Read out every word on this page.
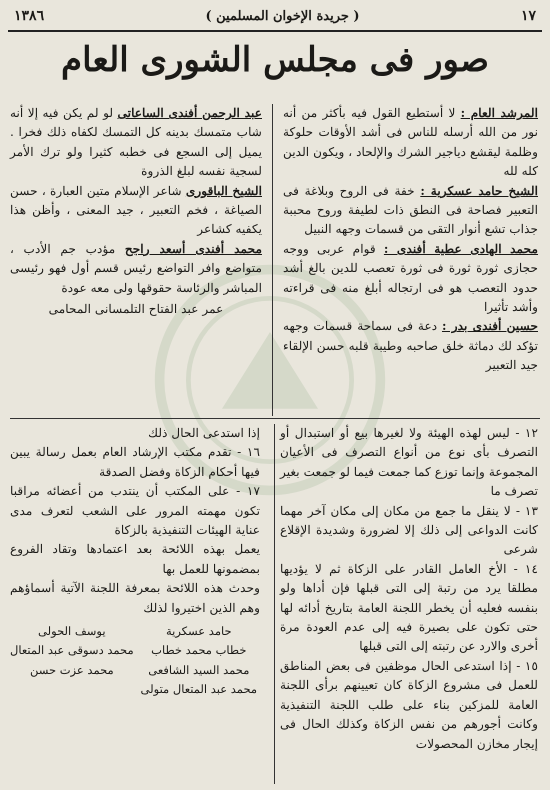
١٧
( جريدة الإخوان المسلمين )
١٣٨٦
صور فى مجلس الشورى العام

المرشد العام : لا أستطيع القول فيه بأكثر من أنه نور من الله أرسله للناس فى أشد الأوقات حلوكة وظلمة ليقشع دياجير الشرك والإلحاد ، ويكون الدين كله لله

الشيخ حامد عسكرية : خفة فى الروح وبلاغة فى التعبير فصاحة فى النطق ذات لطيفة وروح محببة جذاب تشع أنوار التقى من قسمات وجهه النبيل

محمد الهادى عطية أفندى : قوام عربى ووجه حجازى ثورة ثورة فى ثورة تعصب للدين بالغ أشد حدود التعصب هو فى ارتجاله أبلغ منه فى قراءته وأشد تأثيرا

حسين أفندى بدر : دعة فى سماحة قسمات وجهه تؤكد لك دماثة خلق صاحبه وطيبة قلبه حسن الإلقاء جيد التعبير

عبد الرحمن أفندى الساعاتى لو لم يكن فيه إلا أنه شاب متمسك بدينه كل التمسك لكفاه ذلك فخرا . يميل إلى السجع فى خطبه كثيرا ولو ترك الأمر لسجية نفسه لبلغ الذروة

الشيخ الباقورى شاعر الإسلام متين العبارة ، حسن الصياغة ، فخم التعبير ، جيد المعنى ، وأظن هذا يكفيه كشاعر

محمد أفندى أسعد راجح مؤدب جم الأدب ، متواضع وافر التواضع رئيس قسم أول فهو رئيسى المباشر والرئاسة حقوقها ولى معه عودة

عمر عبد الفتاح التلمسانى المحامى

١٢ - ليس لهذه الهيئة ولا لغيرها بيع أو استبدال أو التصرف بأى نوع من أنواع التصرف فى الأعيان المجموعة وإنما توزع كما جمعت فيما لو جمعت بغير تصرف ما

١٣ - لا ينقل ما جمع من مكان إلى مكان آخر مهما كانت الدواعى إلى ذلك إلا لضرورة وشديدة الإقلاع شرعى

١٤ - الأخ العامل القادر على الزكاة ثم لا يؤديها مطلقا يرد من رتبة إلى التى قبلها فإن أداها ولو بنفسه فعليه أن يخطر اللجنة العامة بتاريخ أدائه لها حتى تكون على بصيرة فيه إلى عدم العودة مرة أخرى والارد عن رتبته إلى التى قبلها

١٥ - إذا استدعى الحال موظفين فى بعض المناطق للعمل فى مشروع الزكاة كان تعيينهم برأى اللجنة العامة للمزكين بناء على طلب اللجنة التنفيذية وكانت أجورهم من نفس الزكاة وكذلك الحال فى إيجار مخازن المحصولات

إذا استدعى الحال ذلك

١٦ - تقدم مكتب الإرشاد العام بعمل رسالة يبين فيها أحكام الزكاة وفضل الصدقة

١٧ - على المكتب أن ينتدب من أعضائه مراقبا تكون مهمته المرور على الشعب لتعرف مدى عناية الهيئات التنفيذية بالزكاة

يعمل بهذه اللائحة بعد اعتمادها وتقاد الفروع بمضمونها للعمل بها

وحدث هذه اللائحة بمعرفة اللجنة الآتية أسماؤهم وهم الذين اختيروا لذلك

حامد عسكرية
يوسف الحولى
خطاب محمد خطاب
محمد دسوقى عبد المتعال
محمد السيد الشافعى
محمد عزت حسن
محمد عبد المتعال متولى
